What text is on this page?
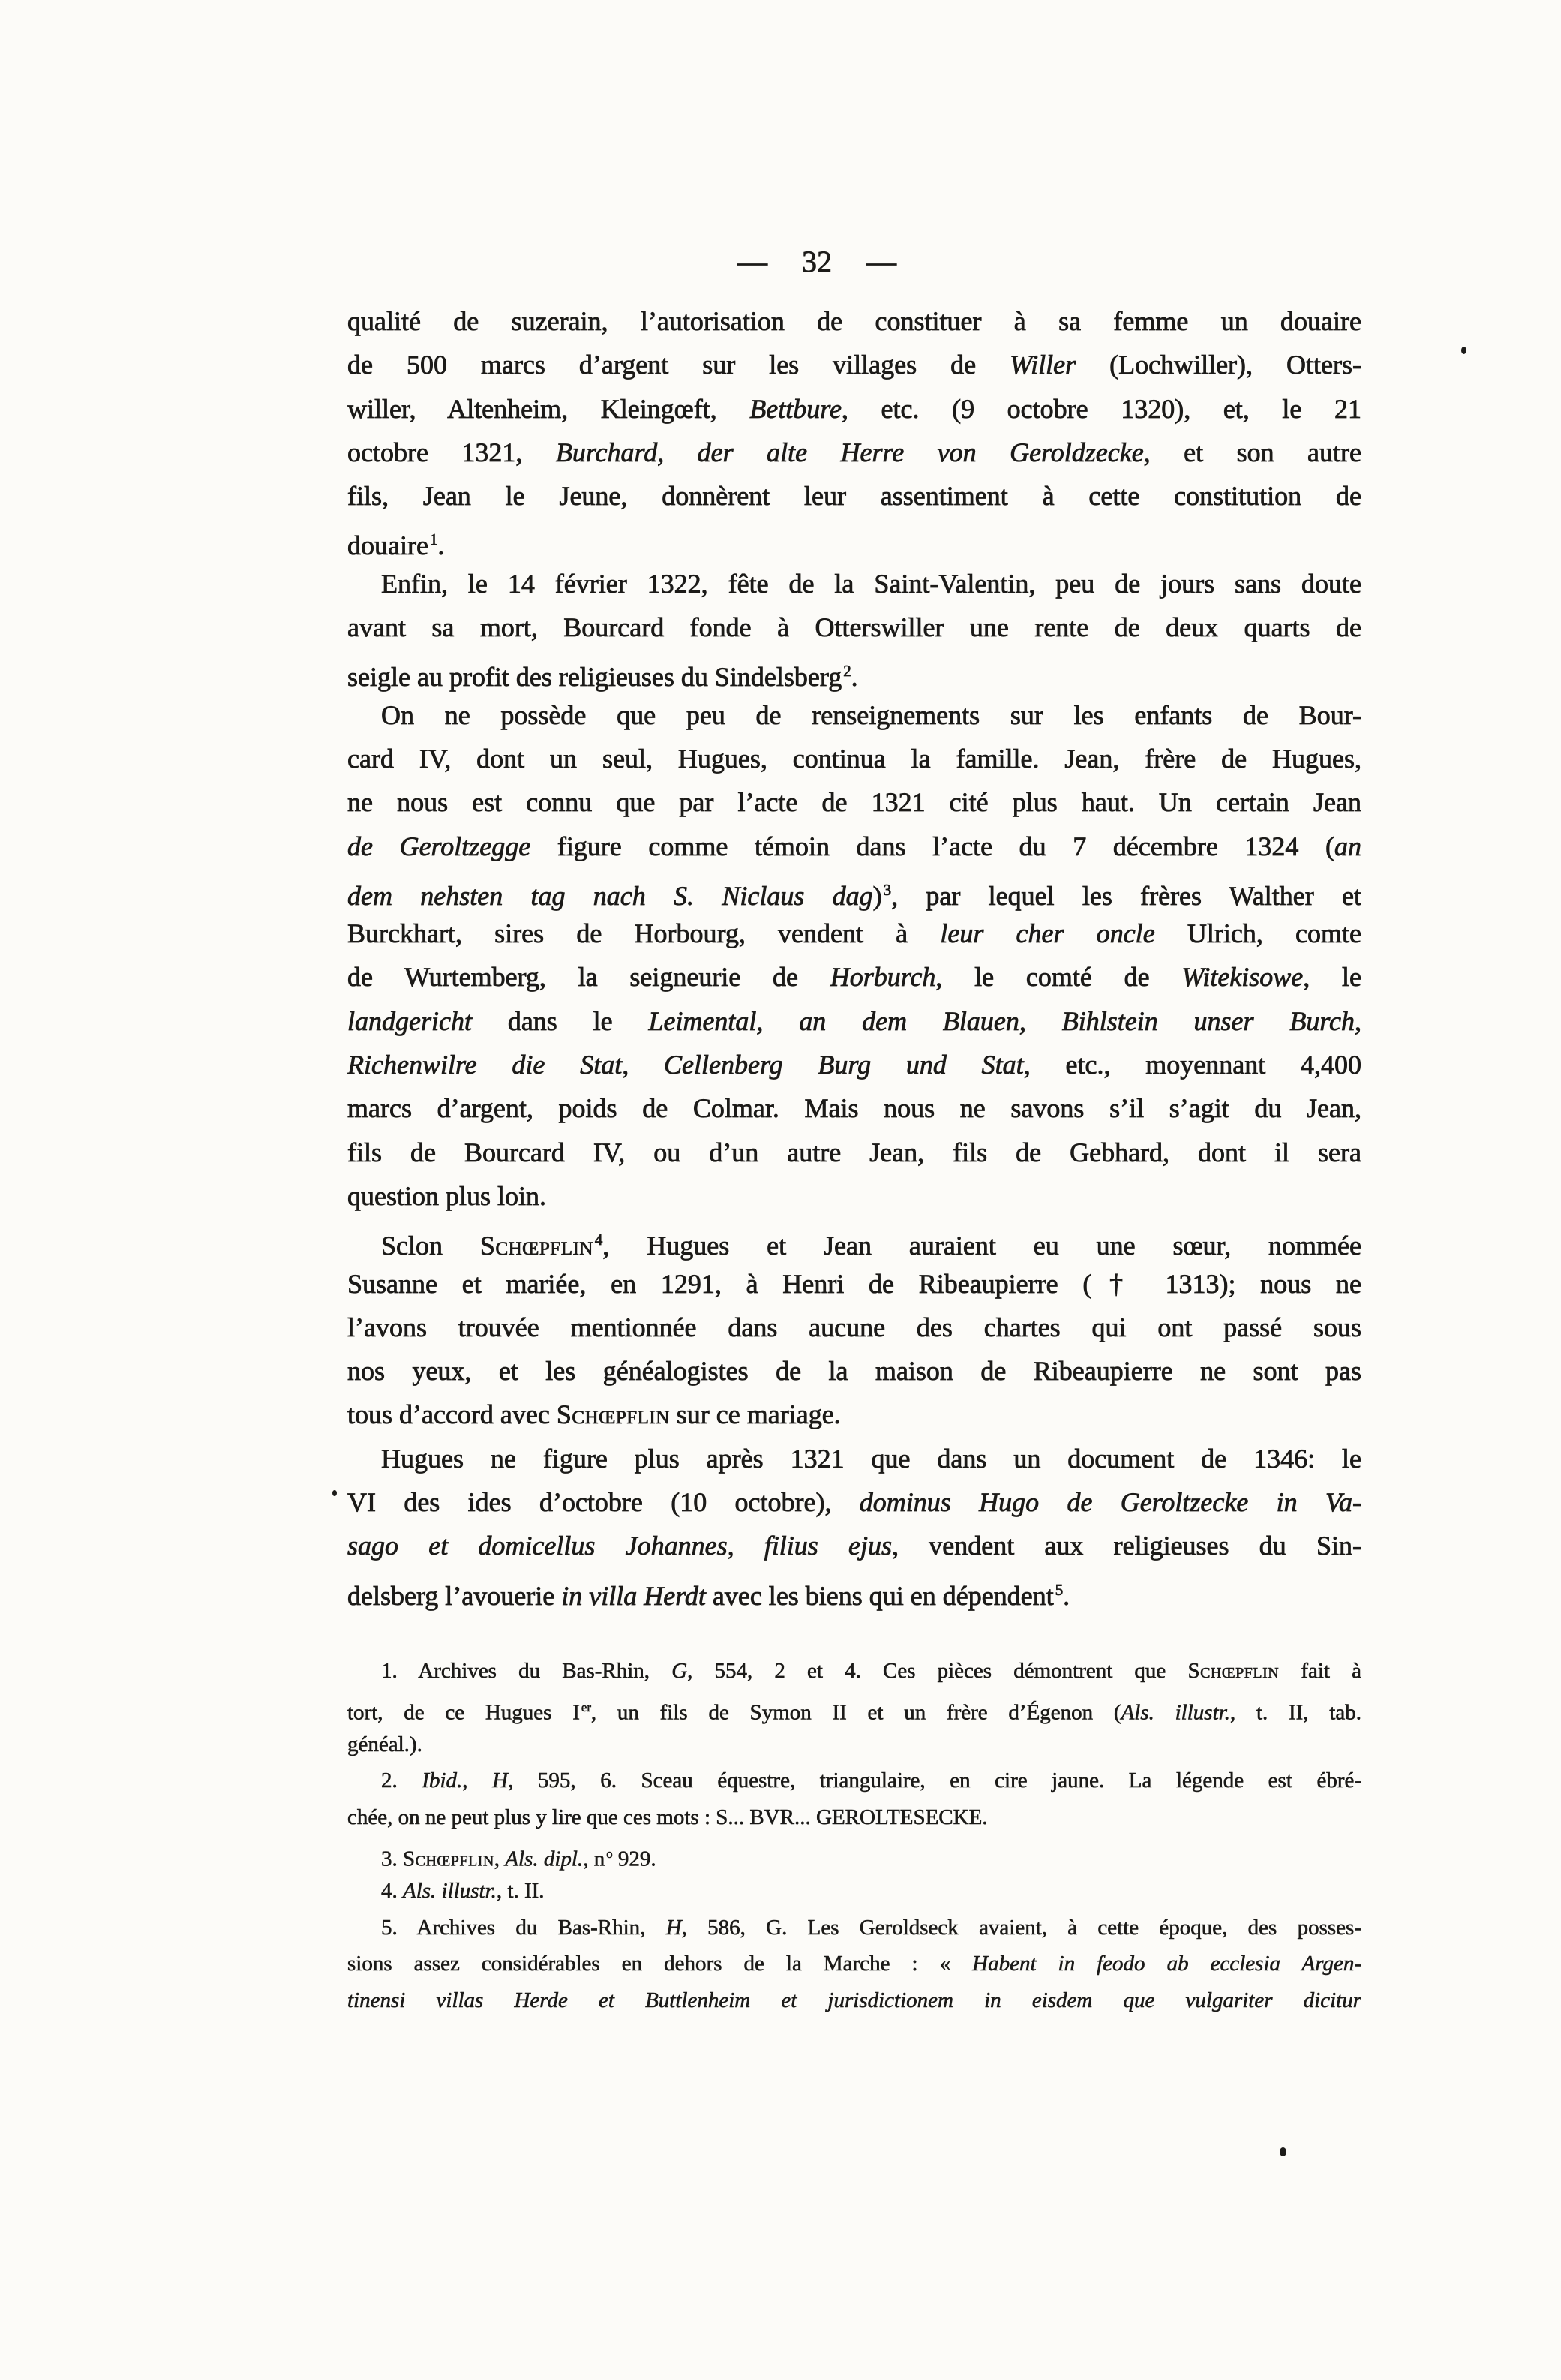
— 32 —
qualité de suzerain, l’autorisation de constituer à sa femme un douaire
de 500 marcs d’argent sur les villages de Willer (Lochwiller), Otters-
willer, Altenheim, Kleingœft, Bettbure, etc. (9 octobre 1320), et, le 21
octobre 1321, Burchard, der alte Herre von Geroldzecke, et son autre
fils, Jean le Jeune, donnèrent leur assentiment à cette constitution de
douaire$^1$.
Enfin, le 14 février 1322, fête de la Saint-Valentin, peu de jours sans doute
avant sa mort, Bourcard fonde à Otterswiller une rente de deux quarts de
seigle au profit des religieuses du Sindelsberg$^2$.
On ne possède que peu de renseignements sur les enfants de Bour-
card IV, dont un seul, Hugues, continua la famille. Jean, frère de Hugues,
ne nous est connu que par l’acte de 1321 cité plus haut. Un certain Jean
de Geroltzegge figure comme témoin dans l’acte du 7 décembre 1324 (an
dem nehsten tag nach S. Niclaus dag)$^3$, par lequel les frères Walther et
Burckhart, sires de Horbourg, vendent à leur cher oncle Ulrich, comte
de Wurtemberg, la seigneurie de Horburch, le comté de Witekisowe, le
landgericht dans le Leimental, an dem Blauen, Bihlstein unser Burch,
Richenwilre die Stat, Cellenberg Burg und Stat, etc., moyennant 4,400
marcs d’argent, poids de Colmar. Mais nous ne savons s’il s’agit du Jean,
fils de Bourcard IV, ou d’un autre Jean, fils de Gebhard, dont il sera
question plus loin.
Sclon Schœpflin$^4$, Hugues et Jean auraient eu une sœur, nommée
Susanne et mariée, en 1291, à Henri de Ribeaupierre († 1313); nous ne
l’avons trouvée mentionnée dans aucune des chartes qui ont passé sous
nos yeux, et les généalogistes de la maison de Ribeaupierre ne sont pas
tous d’accord avec Schœpflin sur ce mariage.
Hugues ne figure plus après 1321 que dans un document de 1346: le
VI des ides d’octobre (10 octobre), dominus Hugo de Geroltzecke in Va-
sago et domicellus Johannes, filius ejus, vendent aux religieuses du Sin-
delsberg l’avouerie in villa Herdt avec les biens qui en dépendent$^5$.
1. Archives du Bas-Rhin, G, 554, 2 et 4. Ces pièces démontrent que Schœpflin fait à
tort, de ce Hugues I $^{er}$, un fils de Symon II et un frère d’Égenon (Als. illustr., t. II, tab.
généal.).
2. Ibid., H, 595, 6. Sceau équestre, triangulaire, en cire jaune. La légende est ébré-
chée, on ne peut plus y lire que ces mots : S... BVR... GEROLTESECKE.
3. Schœpflin, Als. dipl., n $^o$ 929.
4. Als. illustr., t. II.
5. Archives du Bas-Rhin, H, 586, G. Les Geroldseck avaient, à cette époque, des posses-
sions assez considérables en dehors de la Marche : « Habent in feodo ab ecclesia Argen-
tinensi villas Herde et Buttlenheim et jurisdictionem in eisdem que vulgariter dicitur
